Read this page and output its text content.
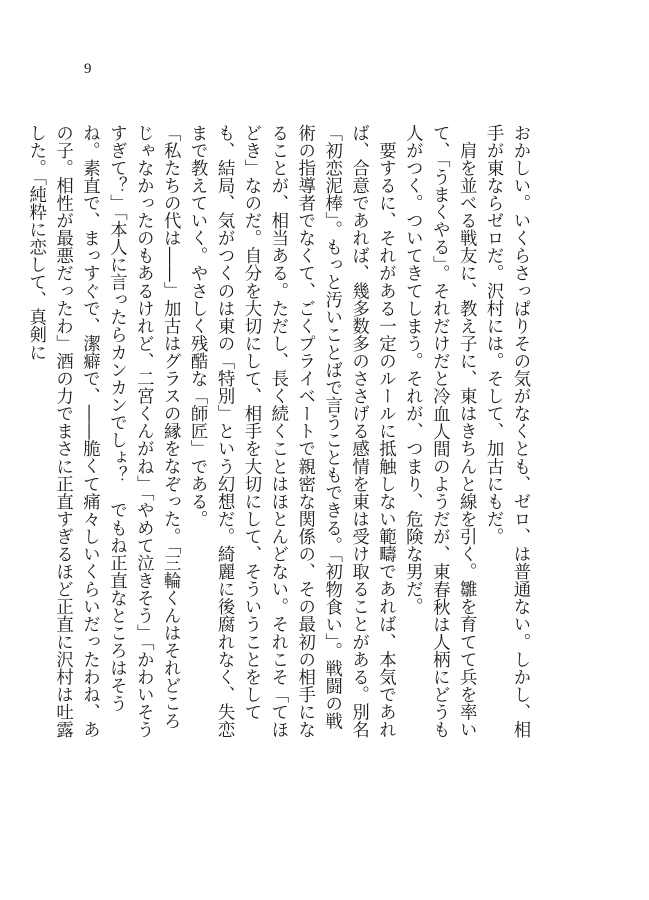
9

おかしい。いくらさっぱりその気がなくとも、ゼロ、は普通ない。しかし、相手が東ならゼロだ。沢村には。そして、加古にもだ。

　肩を並べる戦友に、教え子に、東はきちんと線を引く。雛を育てて兵を率いて、「うまくやる」。それだけだと冷血人間のようだが、東春秋は人柄にどうも人がつく。ついてきてしまう。それが、つまり、危険な男だ。

　要するに、それがある一定のルールに抵触しない範疇であれば、本気であれば、合意であれば、幾多数多のささげる感情を東は受け取ることがある。別名「初恋泥棒」。もっと汚いことばで言うこともできる。「初物食い」。戦闘の戦術の指導者でなくて、ごくプライベートで親密な関係の、その最初の相手になることが、相当ある。ただし、長く続くことはほとんどない。それこそ「てほどき」なのだ。自分を大切にして、相手を大切にして、そういうことをしても、結局、気がつくのは東の「特別」という幻想だ。綺麗に後腐れなく、失恋まで教えていく。やさしく残酷な「師匠」である。

「私たちの代は――」加古はグラスの縁をなぞった。「三輪くんはそれどころじゃなかったのもあるけれど、二宮くんがね」「やめて泣きそう」「かわいそうすぎて？」「本人に言ったらカンカンでしょ？　でもね正直なところはそうね。素直で、まっすぐで、潔癖で、――脆くて痛々しいくらいだったわね、あの子。相性が最悪だったわ」酒の力でまさに正直すぎるほど正直に沢村は吐露した。「純粋に恋して、真剣に
